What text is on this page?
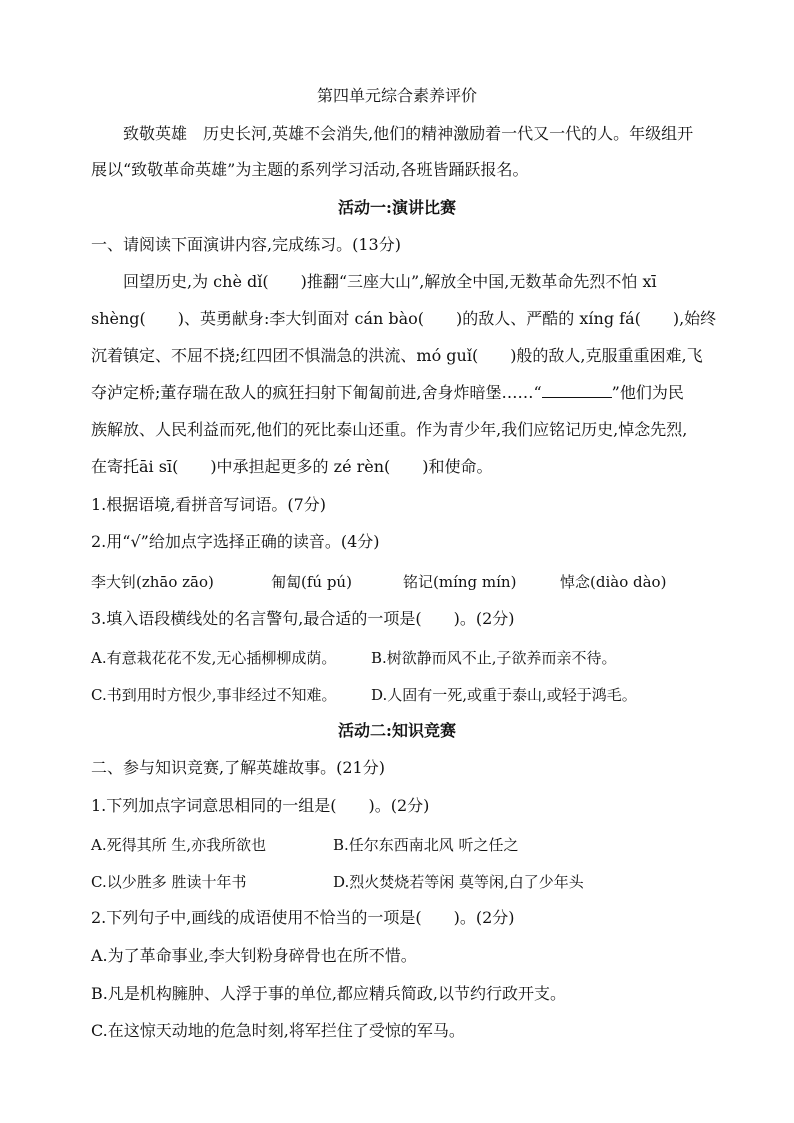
第四单元综合素养评价
致敬英雄　历史长河,英雄不会消失,他们的精神激励着一代又一代的人。年级组开
展以“致敬革命英雄”为主题的系列学习活动,各班皆踊跃报名。
活动一:演讲比赛
一、请阅读下面演讲内容,完成练习。(13分)
回望历史,为 chè dǐ(　　)推翻“三座大山”,解放全中国,无数革命先烈不怕 xī
shèng(　　)、英勇献身:李大钊面对 cán bào(　　)的敌人、严酷的 xíng fá(　　),始终
沉着镇定、不屈不挠;红四团不惧湍急的洪流、mó guǐ(　　)般的敌人,克服重重困难,飞
夺泸定桥;董存瑞在敌人的疯狂扫射下匍匐前进,舍身炸暗堡……“	”他们为民
族解放、人民利益而死,他们的死比泰山还重。作为青少年,我们应铭记历史,悼念先烈,
在寄托āi sī(　　)中承担起更多的 zé rèn(　　)和使命。
1.根据语境,看拼音写词语。(7分)
2.用“√”给加点字选择正确的读音。(4分)
李大钊(zhāo zāo)	匍匐(fú pú)	铭记(míng mín)	悼念(diào dào)
3.填入语段横线处的名言警句,最合适的一项是(　　)。(2分)
A.有意栽花花不发,无心插柳柳成荫。 B.树欲静而风不止,子欲养而亲不待。
C.书到用时方恨少,事非经过不知难。 D.人固有一死,或重于泰山,或轻于鸿毛。
活动二:知识竞赛
二、参与知识竞赛,了解英雄故事。(21分)
1.下列加点字词意思相同的一组是(　　)。(2分)
A.死得其所 生,亦我所欲也	B.任尔东西南北风 听之任之
C.以少胜多 胜读十年书	D.烈火焚烧若等闲 莫等闲,白了少年头
2.下列句子中,画线的成语使用不恰当的一项是(　　)。(2分)
A.为了革命事业,李大钊粉身碎骨也在所不惜。
B.凡是机构臃肿、人浮于事的单位,都应精兵简政,以节约行政开支。
C.在这惊天动地的危急时刻,将军拦住了受惊的军马。
